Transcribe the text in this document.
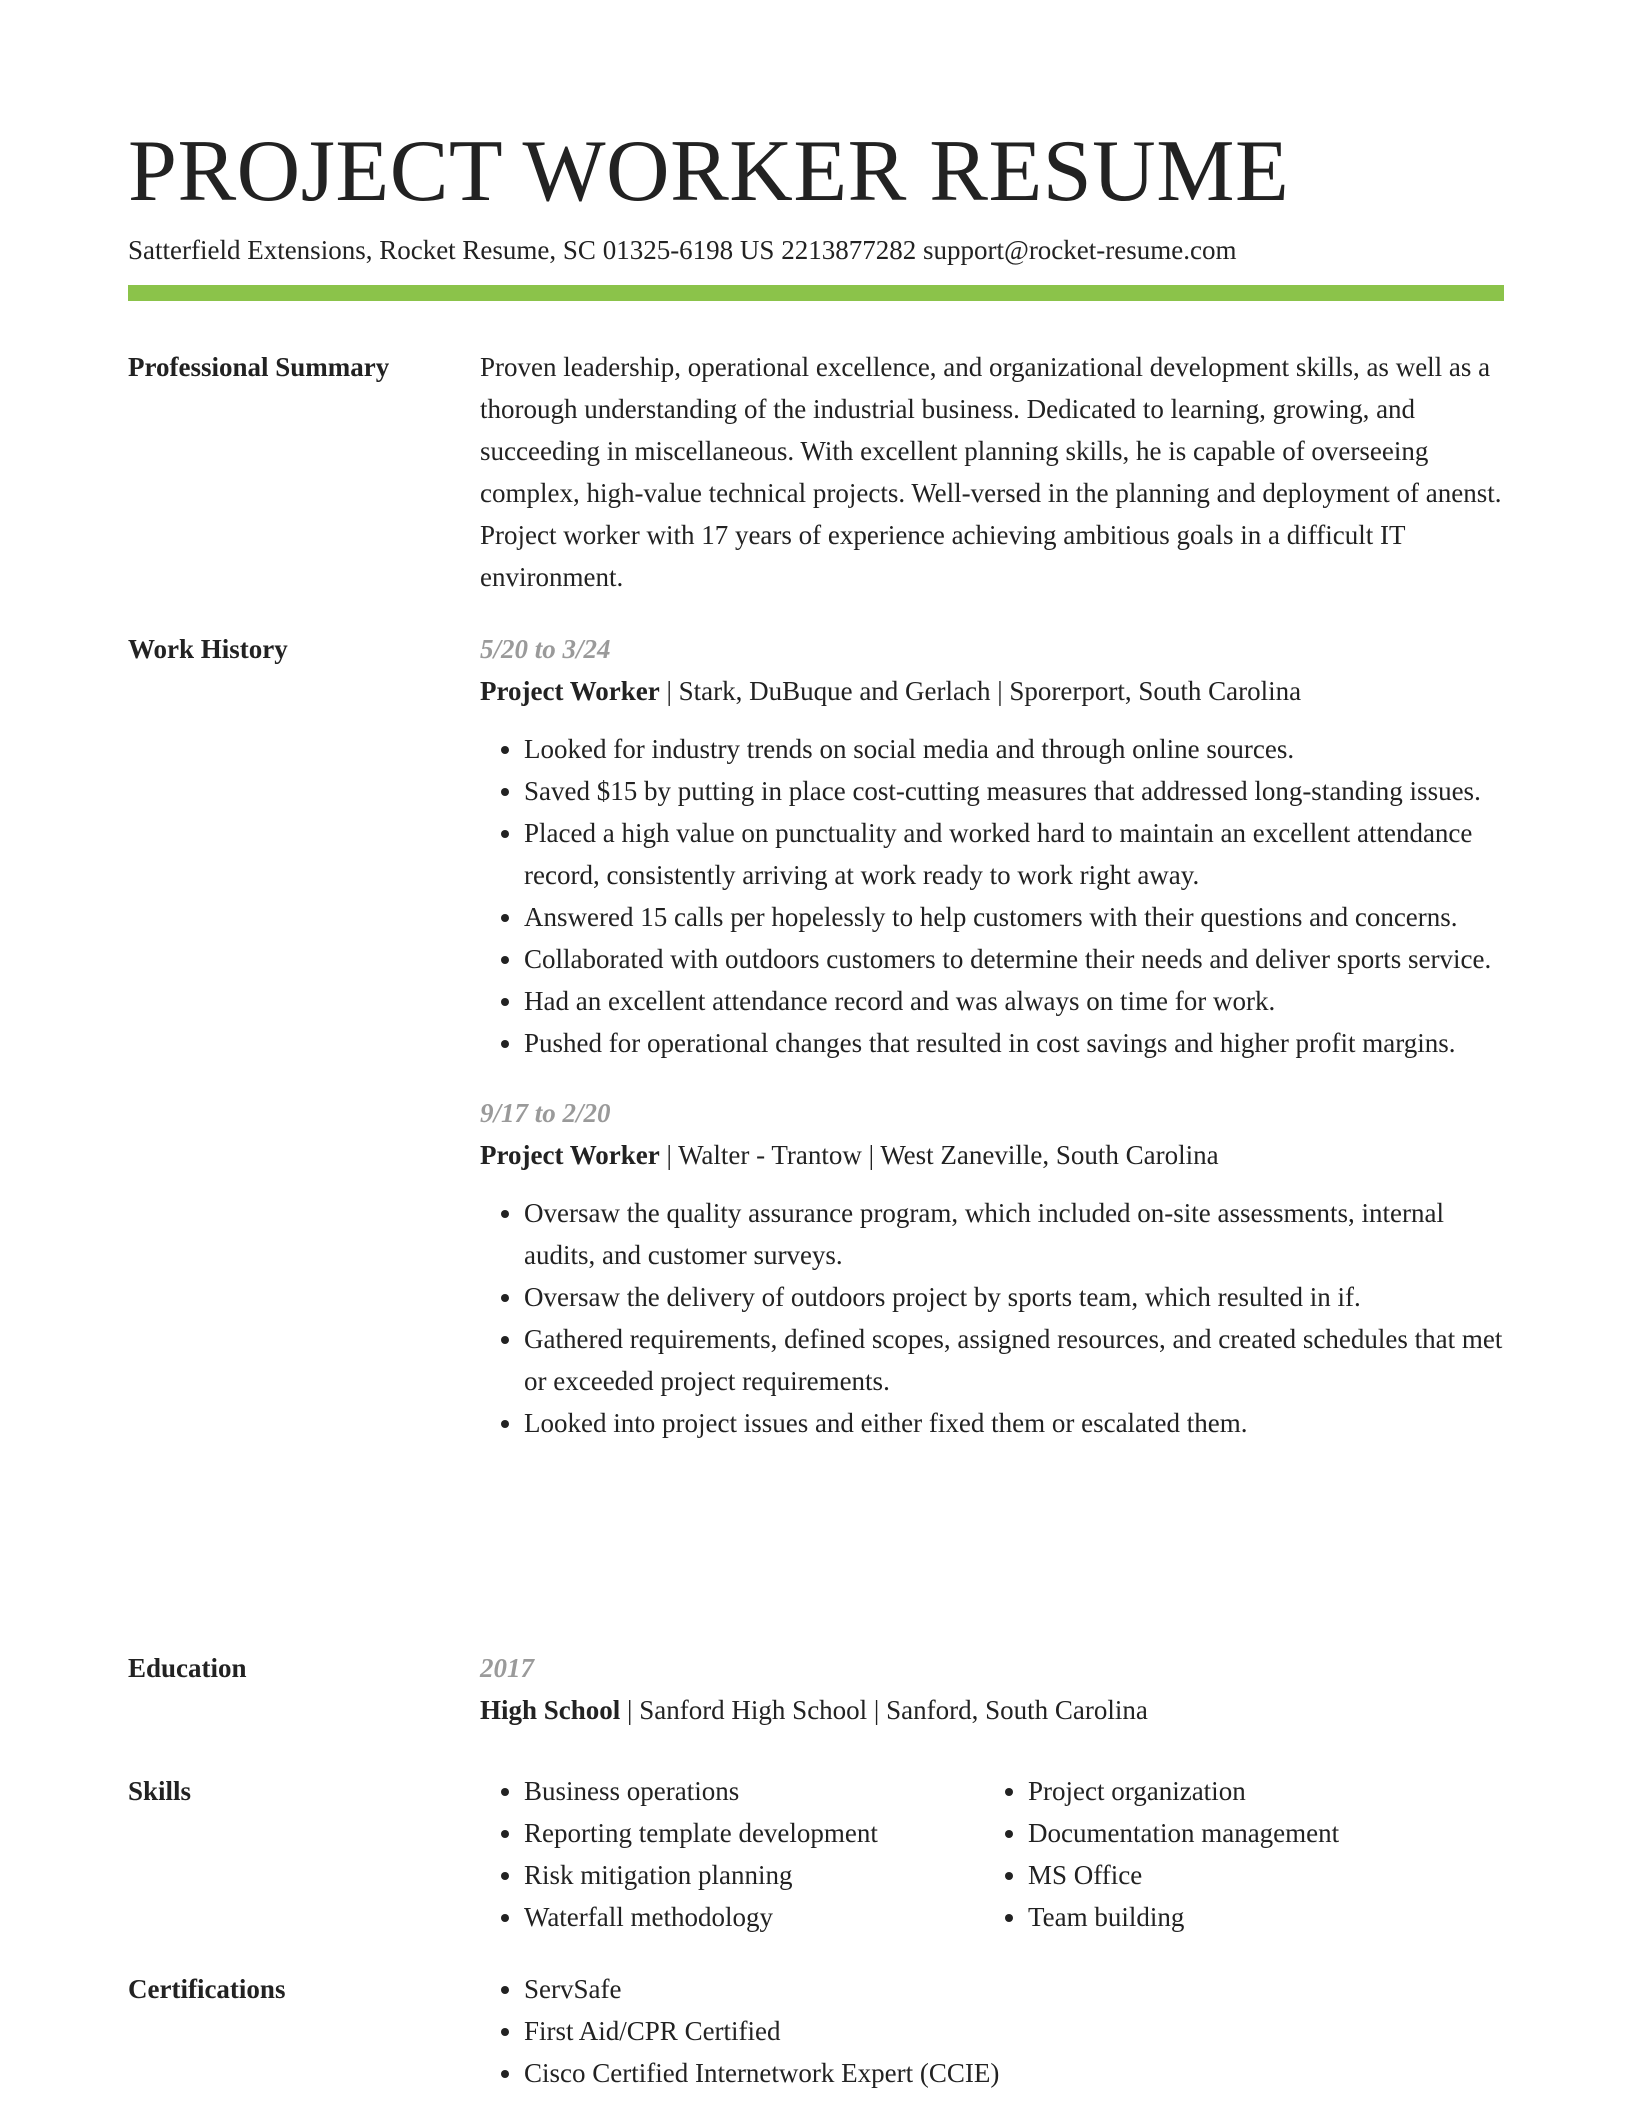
PROJECT WORKER RESUME
Satterfield Extensions, Rocket Resume, SC 01325-6198 US 2213877282 support@rocket-resume.com
Professional Summary	Proven leadership, operational excellence, and organizational development skills, as well as a thorough understanding of the industrial business. Dedicated to learning, growing, and succeeding in miscellaneous. With excellent planning skills, he is capable of overseeing complex, high-value technical projects. Well-versed in the planning and deployment of anenst. Project worker with 17 years of experience achieving ambitious goals in a difficult IT environment.

Work History	5/20 to 3/24
Project Worker | Stark, DuBuque and Gerlach | Sporerport, South Carolina
• Looked for industry trends on social media and through online sources.
• Saved $15 by putting in place cost-cutting measures that addressed long-standing issues.
• Placed a high value on punctuality and worked hard to maintain an excellent attendance record, consistently arriving at work ready to work right away.
• Answered 15 calls per hopelessly to help customers with their questions and concerns.
• Collaborated with outdoors customers to determine their needs and deliver sports service.
• Had an excellent attendance record and was always on time for work.
• Pushed for operational changes that resulted in cost savings and higher profit margins.
9/17 to 2/20
Project Worker | Walter - Trantow | West Zaneville, South Carolina
• Oversaw the quality assurance program, which included on-site assessments, internal audits, and customer surveys.
• Oversaw the delivery of outdoors project by sports team, which resulted in if.
• Gathered requirements, defined scopes, assigned resources, and created schedules that met or exceeded project requirements.
• Looked into project issues and either fixed them or escalated them.
Education	2017
High School | Sanford High School | Sanford, South Carolina
Skills	• Business operations
• Reporting template development
• Risk mitigation planning
• Waterfall methodology
• Project organization
• Documentation management
• MS Office
• Team building
Certifications	• ServSafe
• First Aid/CPR Certified
• Cisco Certified Internetwork Expert (CCIE)
